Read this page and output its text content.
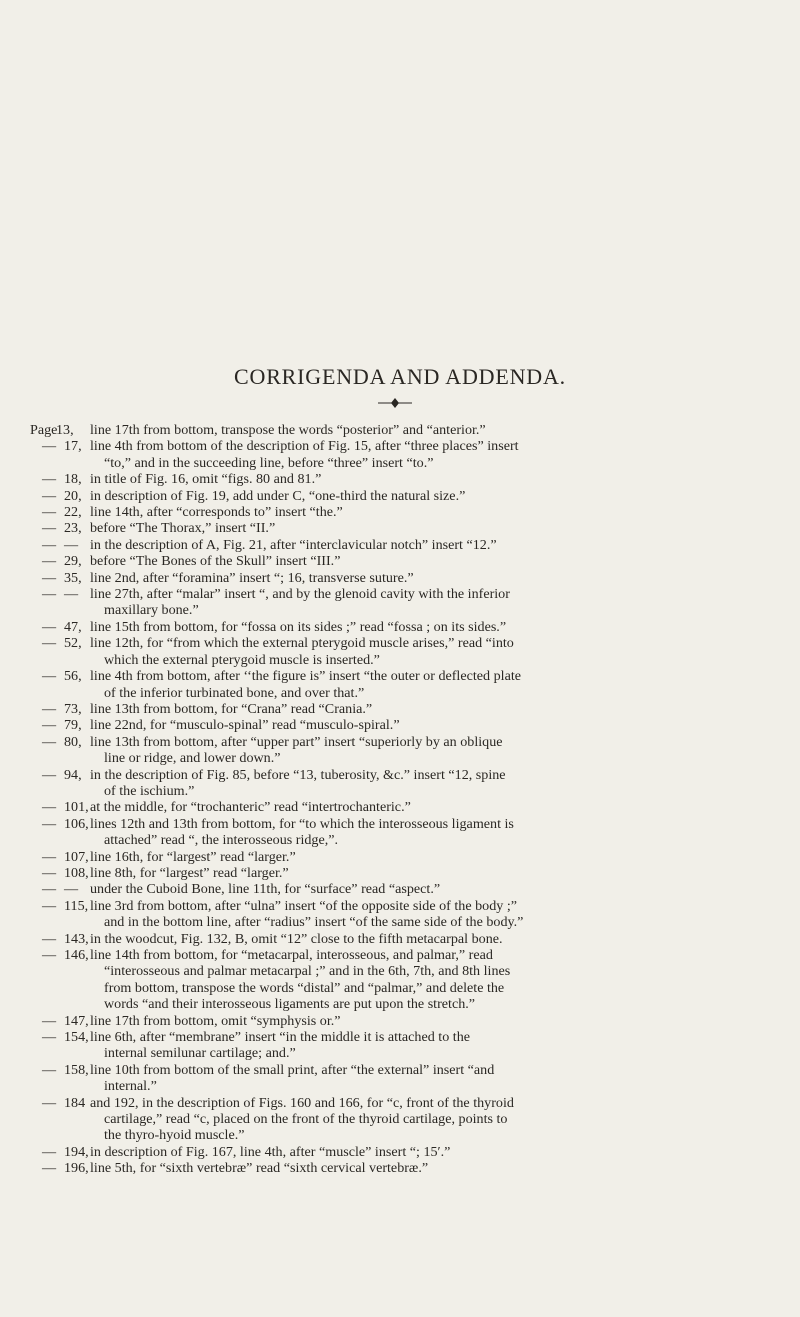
CORRIGENDA AND ADDENDA.
Page13,	line 17th from bottom, transpose the words “posterior” and “anterior.”
— 17, line 4th from bottom of the description of Fig. 15, after “three places” insert
“to,” and in the succeeding line, before “three” insert “to.”
— 18, in title of Fig. 16, omit “figs. 80 and 81.”
— 20, in description of Fig. 19, add under C, “one-third the natural size.”
— 22, line 14th, after “corresponds to” insert “the.”
— 23, before “The Thorax,” insert “II.”
— — in the description of A, Fig. 21, after “interclavicular notch” insert “12.”
— 29, before “The Bones of the Skull” insert “III.”
— 35, line 2nd, after “foramina” insert “; 16, transverse suture.”
— — line 27th, after “malar” insert “, and by the glenoid cavity with the inferior
maxillary bone.”
— 47, line 15th from bottom, for “fossa on its sides ;” read “fossa ; on its sides.”
— 52, line 12th, for “from which the external pterygoid muscle arises,” read “into
which the external pterygoid muscle is inserted.”
— 56, line 4th from bottom, after ‘‘the figure is” insert “the outer or deflected plate
of the inferior turbinated bone, and over that.”
— 73, line 13th from bottom, for “Crana” read “Crania.”
— 79, line 22nd, for “musculo-spinal” read “musculo-spiral.”
— 80, line 13th from bottom, after “upper part” insert “superiorly by an oblique
line or ridge, and lower down.”
— 94, in the description of Fig. 85, before “13, tuberosity, &c.” insert “12, spine
of the ischium.”
— 101, at the middle, for “trochanteric” read “intertrochanteric.”
— 106, lines 12th and 13th from bottom, for “to which the interosseous ligament is
attached” read “, the interosseous ridge,”.
— 107, line 16th, for “largest” read “larger.”
— 108, line 8th, for “largest” read “larger.”
— — under the Cuboid Bone, line 11th, for “surface” read “aspect.”
— 115, line 3rd from bottom, after “ulna” insert “of the opposite side of the body ;”
and in the bottom line, after “radius” insert “of the same side of the body.”
— 143, in the woodcut, Fig. 132, B, omit “12” close to the fifth metacarpal bone.
— 146, line 14th from bottom, for “metacarpal, interosseous, and palmar,” read
“interosseous and palmar metacarpal ;” and in the 6th, 7th, and 8th lines
from bottom, transpose the words “distal” and “palmar,” and delete the
words “and their interosseous ligaments are put upon the stretch.”
— 147, line 17th from bottom, omit “symphysis or.”
— 154, line 6th, after “membrane” insert “in the middle it is attached to the
internal semilunar cartilage; and.”
— 158, line 10th from bottom of the small print, after “the external” insert “and
internal.”
— 184 and 192, in the description of Figs. 160 and 166, for “c, front of the thyroid
cartilage,” read “c, placed on the front of the thyroid cartilage, points to
the thyro-hyoid muscle.”
— 194, in description of Fig. 167, line 4th, after “muscle” insert “; 15′.”
— 196, line 5th, for “sixth vertebræ” read “sixth cervical vertebræ.”
